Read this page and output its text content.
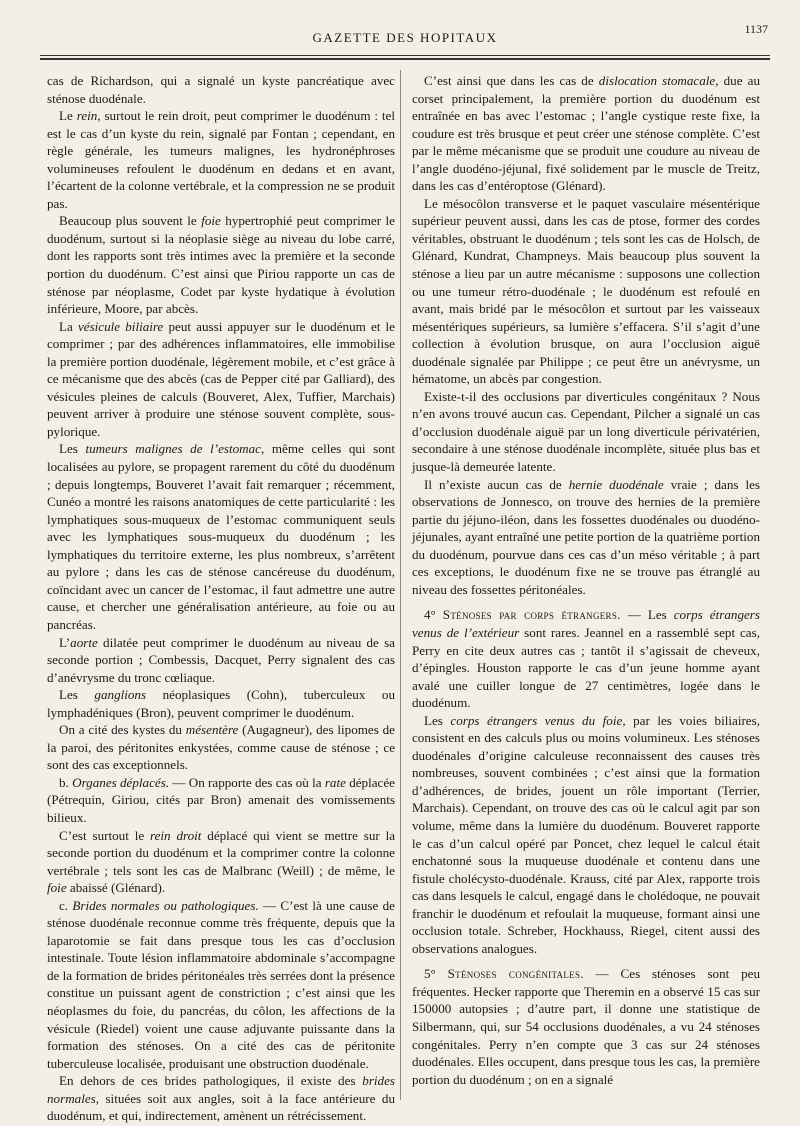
GAZETTE DES HOPITAUX
1137

cas de Richardson, qui a signalé un kyste pancréatique avec sténose duodénale.

Le rein, surtout le rein droit, peut comprimer le duodénum : tel est le cas d’un kyste du rein, signalé par Fontan ; cependant, en règle générale, les tumeurs malignes, les hydronéphroses volumineuses refoulent le duodénum en dedans et en avant, l’écartent de la colonne vertébrale, et la compression ne se produit pas.

Beaucoup plus souvent le foie hypertrophié peut comprimer le duodénum, surtout si la néoplasie siège au niveau du lobe carré, dont les rapports sont très intimes avec la première et la seconde portion du duodénum. C’est ainsi que Piriou rapporte un cas de sténose par néoplasme, Codet par kyste hydatique à évolution inférieure, Moore, par abcès.

La vésicule biliaire peut aussi appuyer sur le duodénum et le comprimer ; par des adhérences inflammatoires, elle immobilise la première portion duodénale, légèrement mobile, et c’est grâce à ce mécanisme que des abcès (cas de Pepper cité par Galliard), des vésicules pleines de calculs (Bouveret, Alex, Tuffier, Marchais) peuvent arriver à produire une sténose souvent complète, sous-pylorique.

Les tumeurs malignes de l’estomac, même celles qui sont localisées au pylore, se propagent rarement du côté du duodénum ; depuis longtemps, Bouveret l’avait fait remarquer ; récemment, Cunéo a montré les raisons anatomiques de cette particularité : les lymphatiques sous-muqueux de l’estomac communiquent seuls avec les lymphatiques sous-muqueux du duodénum ; les lymphatiques du territoire externe, les plus nombreux, s’arrêtent au pylore ; dans les cas de sténose cancéreuse du duodénum, coïncidant avec un cancer de l’estomac, il faut admettre une autre cause, et chercher une généralisation antérieure, au foie ou au pancréas.

L’aorte dilatée peut comprimer le duodénum au niveau de sa seconde portion ; Combessis, Dacquet, Perry signalent des cas d’anévrysme du tronc cœliaque.

Les ganglions néoplasiques (Cohn), tuberculeux ou lymphadéniques (Bron), peuvent comprimer le duodénum.

On a cité des kystes du mésentère (Augagneur), des lipomes de la paroi, des péritonites enkystées, comme cause de sténose ; ce sont des cas exceptionnels.

b. Organes déplacés. — On rapporte des cas où la rate déplacée (Pétrequin, Giriou, cités par Bron) amenait des vomissements bilieux.

C’est surtout le rein droit déplacé qui vient se mettre sur la seconde portion du duodénum et la comprimer contre la colonne vertébrale ; tels sont les cas de Malbranc (Weill) ; de même, le foie abaissé (Glénard).

c. Brides normales ou pathologiques. — C’est là une cause de sténose duodénale reconnue comme très fréquente, depuis que la laparotomie se fait dans presque tous les cas d’occlusion intestinale. Toute lésion inflammatoire abdominale s’accompagne de la formation de brides péritonéales très serrées dont la présence constitue un puissant agent de constriction ; c’est ainsi que les néoplasmes du foie, du pancréas, du côlon, les affections de la vésicule (Riedel) voient une cause adjuvante puissante dans la formation des sténoses. On a cité des cas de péritonite tuberculeuse localisée, produisant une obstruction duodénale.

En dehors de ces brides pathologiques, il existe des brides normales, situées soit aux angles, soit à la face antérieure du duodénum, et qui, indirectement, amènent un rétrécissement.

C’est ainsi que dans les cas de dislocation stomacale, due au corset principalement, la première portion du duodénum est entraînée en bas avec l’estomac ; l’angle cystique reste fixe, la coudure est très brusque et peut créer une sténose complète. C’est par le même mécanisme que se produit une coudure au niveau de l’angle duodéno-jéjunal, fixé solidement par le muscle de Treitz, dans les cas d’entéroptose (Glénard).

Le mésocôlon transverse et le paquet vasculaire mésentérique supérieur peuvent aussi, dans les cas de ptose, former des cordes véritables, obstruant le duodénum ; tels sont les cas de Holsch, de Glénard, Kundrat, Champneys. Mais beaucoup plus souvent la sténose a lieu par un autre mécanisme : supposons une collection ou une tumeur rétro-duodénale ; le duodénum est refoulé en avant, mais bridé par le mésocôlon et surtout par les vaisseaux mésentériques supérieurs, sa lumière s’effacera. S’il s’agit d’une collection à évolution brusque, on aura l’occlusion aiguë duodénale signalée par Philippe ; ce peut être un anévrysme, un hématome, un abcès par congestion.

Existe-t-il des occlusions par diverticules congénitaux ? Nous n’en avons trouvé aucun cas. Cependant, Pilcher a signalé un cas d’occlusion duodénale aiguë par un long diverticule périvatérien, secondaire à une sténose duodénale incomplète, située plus bas et jusque-là demeurée latente.

Il n’existe aucun cas de hernie duodénale vraie ; dans les observations de Jonnesco, on trouve des hernies de la première partie du jéjuno-iléon, dans les fossettes duodénales ou duodéno-jéjunales, ayant entraîné une petite portion de la quatrième portion du duodénum, pourvue dans ces cas d’un méso véritable ; à part ces exceptions, le duodénum fixe ne se trouve pas étranglé au niveau des fossettes péritonéales.

4° Sténoses par corps étrangers. — Les corps étrangers venus de l’extérieur sont rares. Jeannel en a rassemblé sept cas, Perry en cite deux autres cas ; tantôt il s’agissait de cheveux, d’épingles. Houston rapporte le cas d’un jeune homme ayant avalé une cuiller longue de 27 centimètres, logée dans le duodénum.

Les corps étrangers venus du foie, par les voies biliaires, consistent en des calculs plus ou moins volumineux. Les sténoses duodénales d’origine calculeuse reconnaissent des causes très nombreuses, souvent combinées ; c’est ainsi que la formation d’adhérences, de brides, jouent un rôle important (Terrier, Marchais). Cependant, on trouve des cas où le calcul agit par son volume, même dans la lumière du duodénum. Bouveret rapporte le cas d’un calcul opéré par Poncet, chez lequel le calcul était enchatonné sous la muqueuse duodénale et contenu dans une fistule cholécysto-duodénale. Krauss, cité par Alex, rapporte trois cas dans lesquels le calcul, engagé dans le cholédoque, ne pouvait franchir le duodénum et refoulait la muqueuse, formant ainsi une occlusion totale. Schreber, Hockhauss, Riegel, citent aussi des observations analogues.

5° Sténoses congénitales. — Ces sténoses sont peu fréquentes. Hecker rapporte que Theremin en a observé 15 cas sur 150000 autopsies ; d’autre part, il donne une statistique de Silbermann, qui, sur 54 occlusions duodénales, a vu 24 sténoses congénitales. Perry n’en compte que 3 cas sur 24 sténoses duodénales. Elles occupent, dans presque tous les cas, la première portion du duodénum ; on en a signalé
